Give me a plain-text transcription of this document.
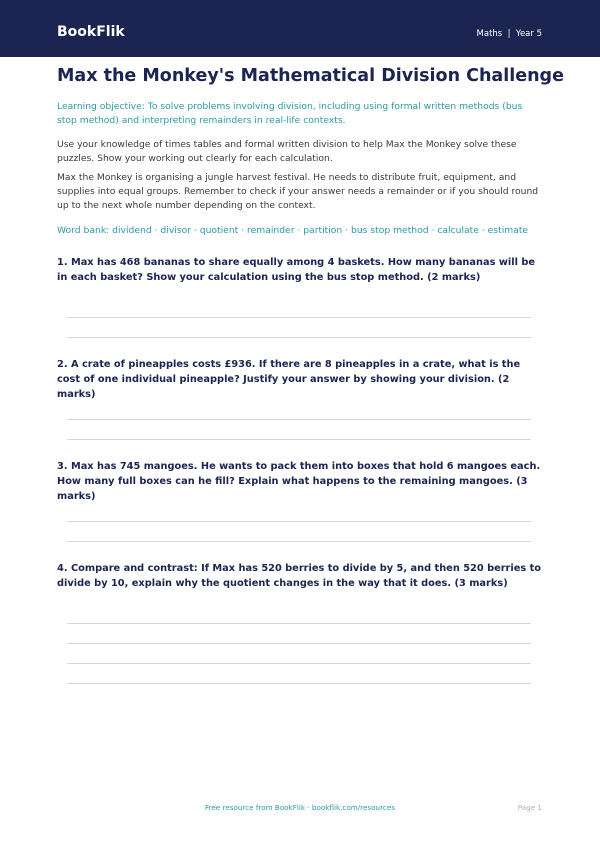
BookFlik	Maths  |  Year 5
Max the Monkey's Mathematical Division Challenge

Learning objective: To solve problems involving division, including using formal written methods (bus stop method) and interpreting remainders in real-life contexts.

Use your knowledge of times tables and formal written division to help Max the Monkey solve these puzzles. Show your working out clearly for each calculation.

Max the Monkey is organising a jungle harvest festival. He needs to distribute fruit, equipment, and supplies into equal groups. Remember to check if your answer needs a remainder or if you should round up to the next whole number depending on the context.

Word bank: dividend · divisor · quotient · remainder · partition · bus stop method · calculate · estimate

1. Max has 468 bananas to share equally among 4 baskets. How many bananas will be in each basket? Show your calculation using the bus stop method. (2 marks)

2. A crate of pineapples costs £936. If there are 8 pineapples in a crate, what is the cost of one individual pineapple? Justify your answer by showing your division. (2 marks)

3. Max has 745 mangoes. He wants to pack them into boxes that hold 6 mangoes each. How many full boxes can he fill? Explain what happens to the remaining mangoes. (3 marks)

4. Compare and contrast: If Max has 520 berries to divide by 5, and then 520 berries to divide by 10, explain why the quotient changes in the way that it does. (3 marks)

Free resource from BookFlik · bookflik.com/resources	Page 1
